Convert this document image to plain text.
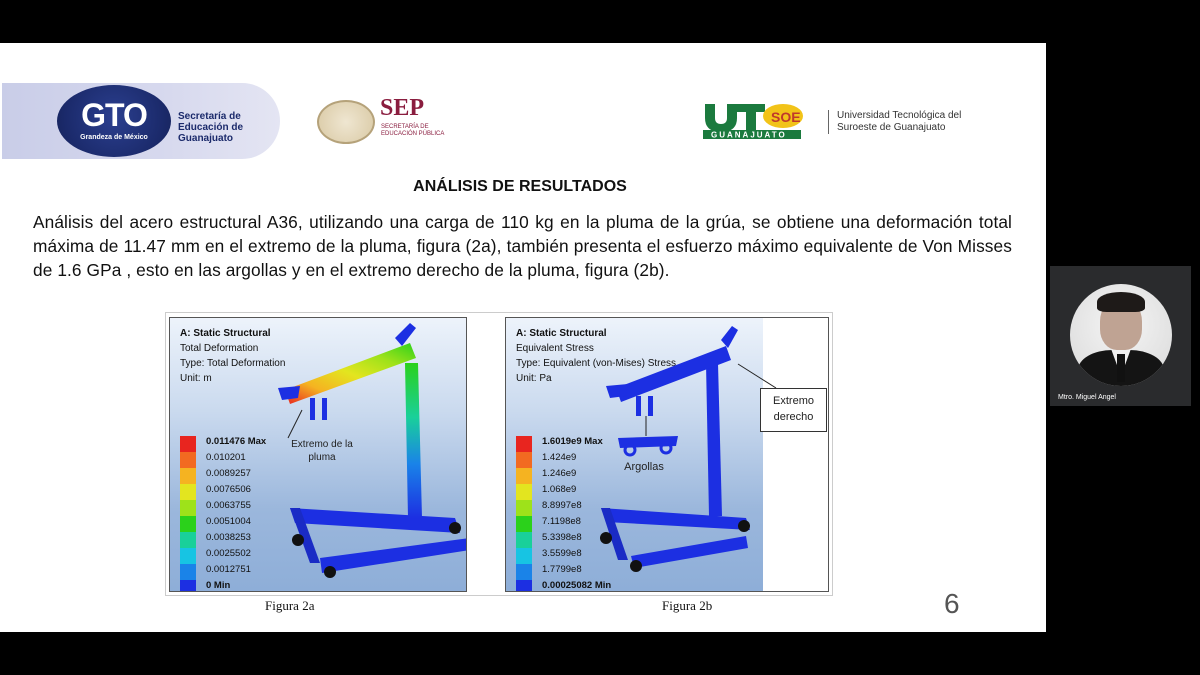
GTO
Grandeza de México
Secretaría de Educación de Guanajuato
SEP
SECRETARÍA DE EDUCACIÓN PÚBLICA
SOE
GUANAJUATO
Universidad Tecnológica del Suroeste de Guanajuato
ANÁLISIS DE RESULTADOS
Análisis del acero estructural A36, utilizando una carga de 110 kg en la pluma de la grúa, se obtiene una deformación total máxima de 11.47 mm en el extremo de la pluma, figura (2a), también presenta el esfuerzo máximo equivalente de Von Misses de 1.6 GPa , esto en las argollas y en el extremo derecho de la pluma, figura (2b).
A: Static Structural
Total Deformation
Type: Total Deformation
Unit: m
Extremo de la pluma
0.011476 Max
0.010201
0.0089257
0.0076506
0.0063755
0.0051004
0.0038253
0.0025502
0.0012751
0 Min
A: Static Structural
Equivalent Stress
Type: Equivalent (von-Mises) Stress
Unit: Pa
Argollas
Extremo derecho
1.6019e9 Max
1.424e9
1.246e9
1.068e9
8.8997e8
7.1198e8
5.3398e8
3.5599e8
1.7799e8
0.00025082 Min
Figura 2a	Figura 2b	6
Mtro. Miguel Angel
